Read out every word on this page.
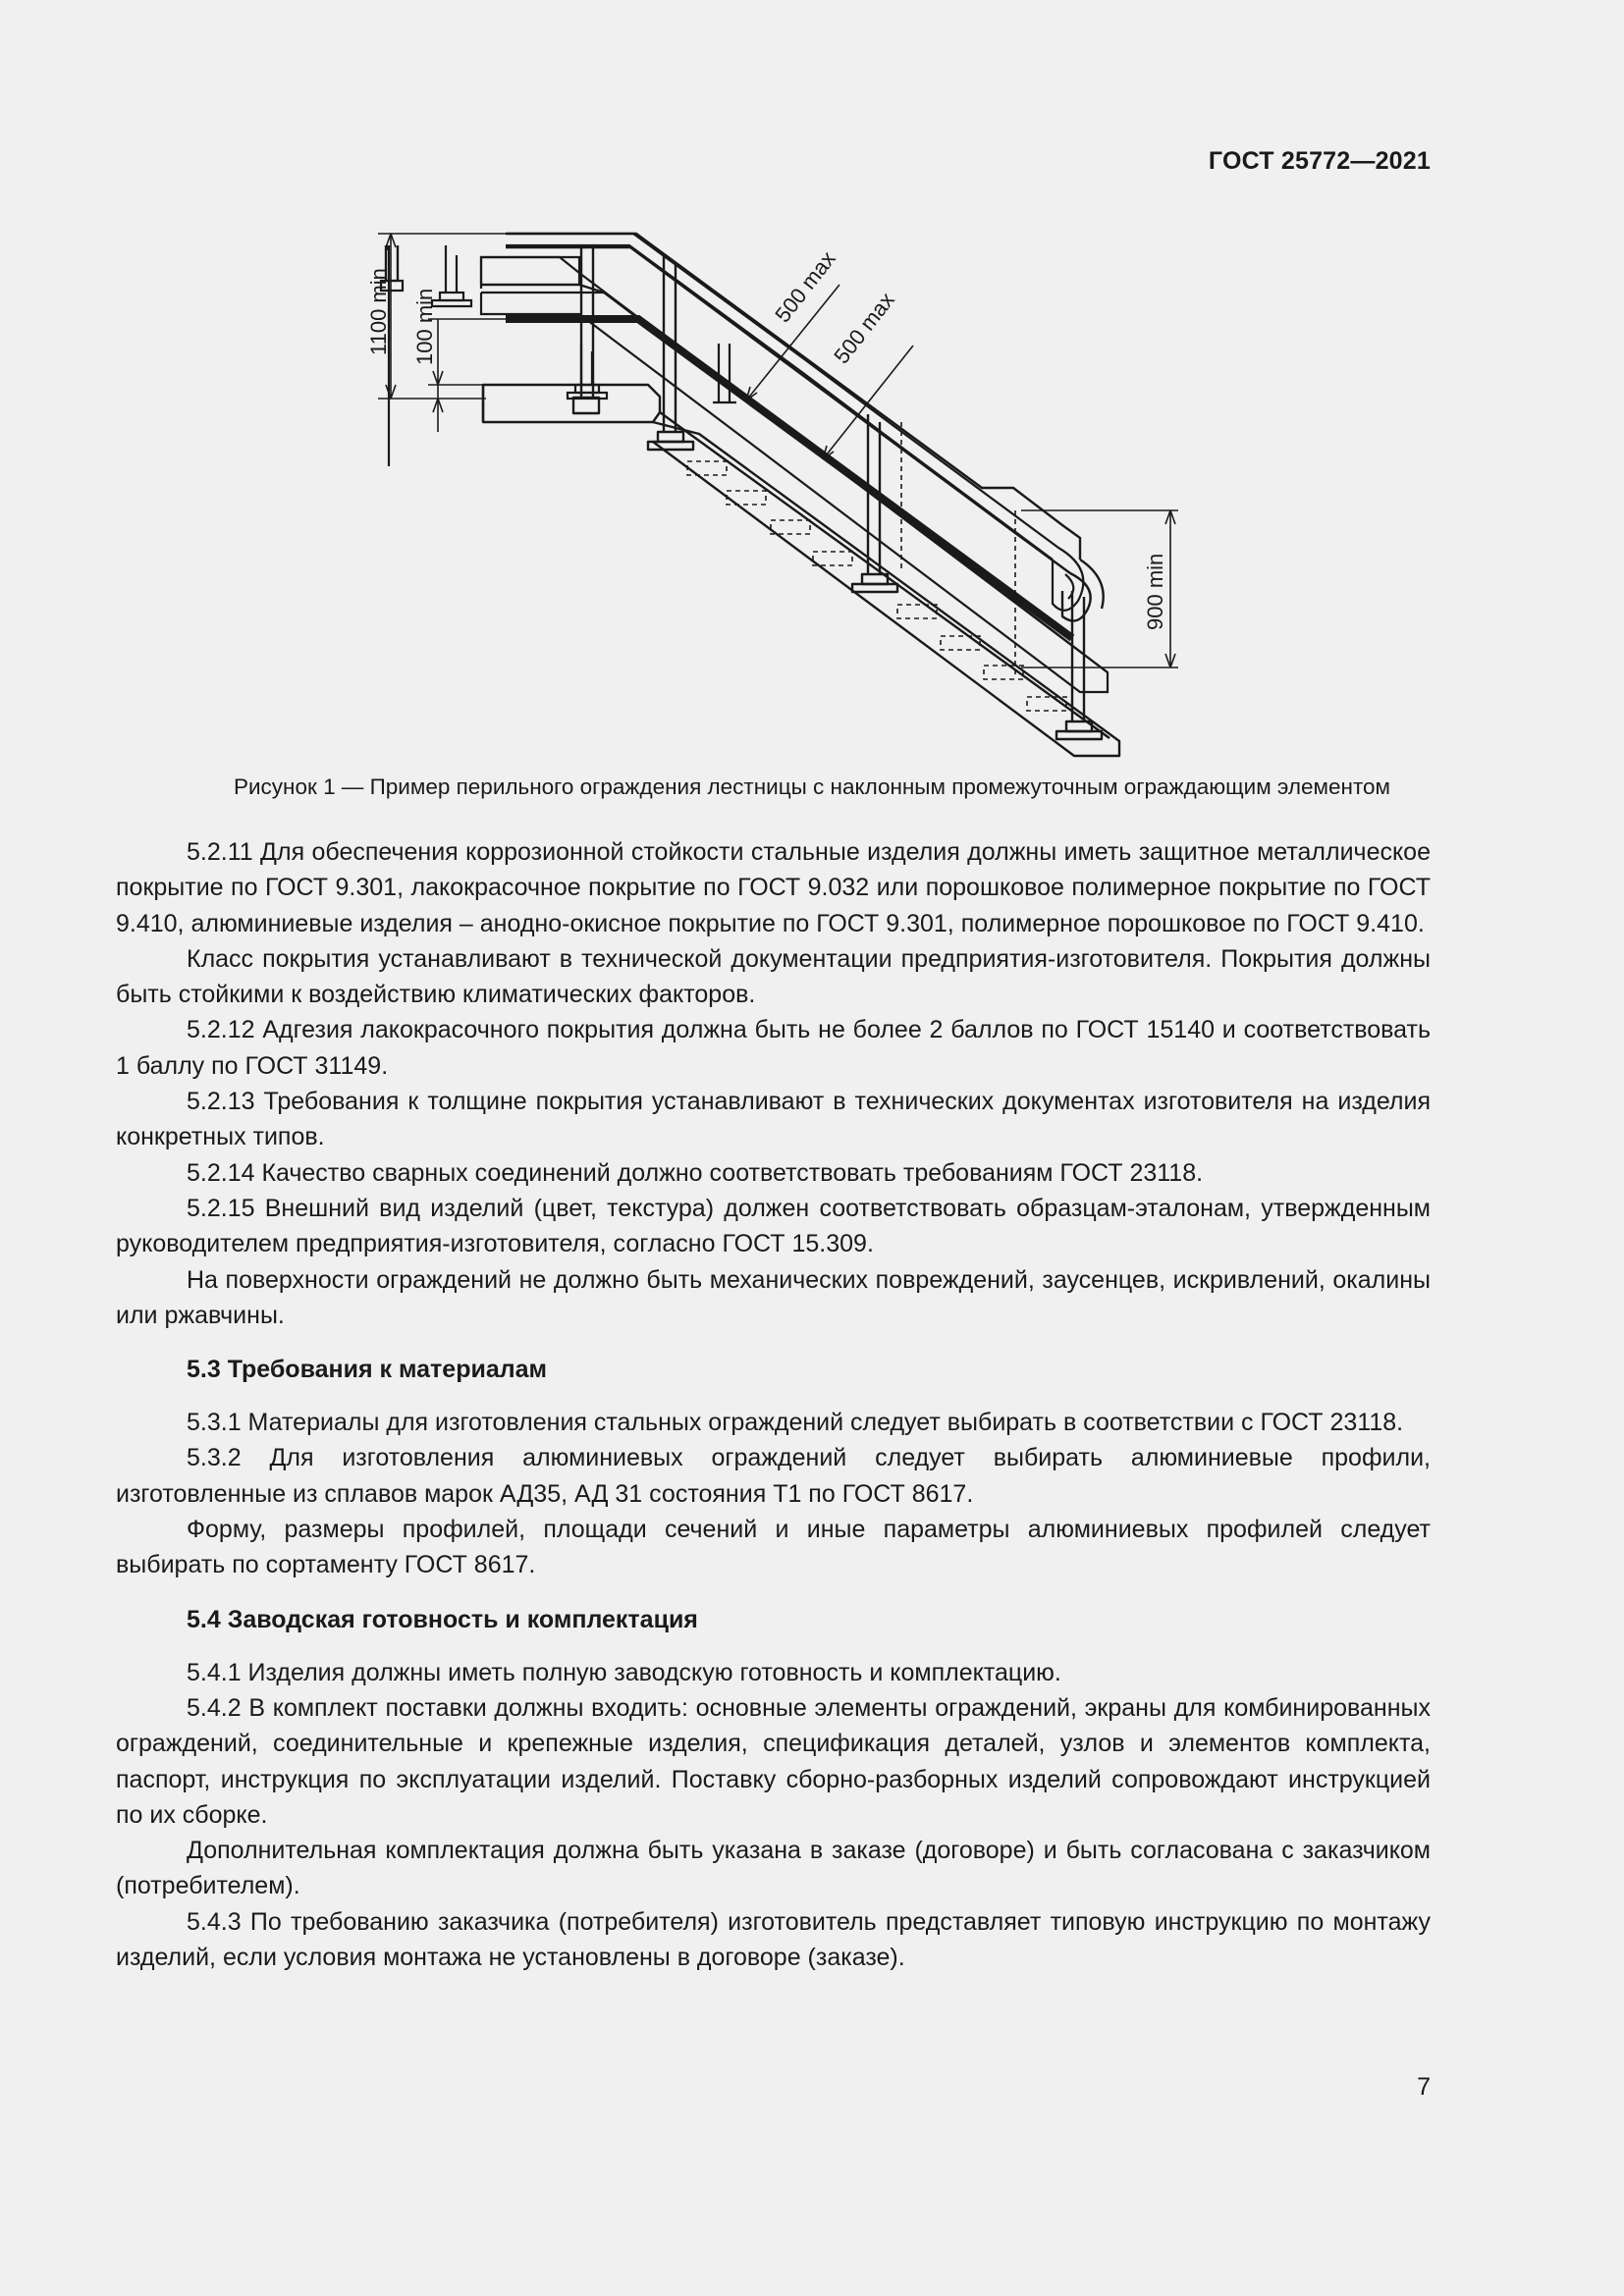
ГОСТ 25772—2021
1100 min 100 min	500 max
500 max
900 min
Рисунок 1 — Пример перильного ограждения лестницы с наклонным промежуточным ограждающим элементом

5.2.11 Для обеспечения коррозионной стойкости стальные изделия должны иметь защитное металлическое покрытие по ГОСТ 9.301, лакокрасочное покрытие по ГОСТ 9.032 или порошковое полимерное покрытие по ГОСТ 9.410, алюминиевые изделия – анодно-окисное покрытие по ГОСТ 9.301, полимерное порошковое по ГОСТ 9.410.

Класс покрытия устанавливают в технической документации предприятия-изготовителя. Покрытия должны быть стойкими к воздействию климатических факторов.

5.2.12 Адгезия лакокрасочного покрытия должна быть не более 2 баллов по ГОСТ 15140 и соответствовать 1 баллу по ГОСТ 31149.

5.2.13 Требования к толщине покрытия устанавливают в технических документах изготовителя на изделия конкретных типов.

5.2.14 Качество сварных соединений должно соответствовать требованиям ГОСТ 23118.

5.2.15 Внешний вид изделий (цвет, текстура) должен соответствовать образцам-эталонам, утвержденным руководителем предприятия-изготовителя, согласно ГОСТ 15.309.

На поверхности ограждений не должно быть механических повреждений, заусенцев, искривлений, окалины или ржавчины.

5.3 Требования к материалам

5.3.1 Материалы для изготовления стальных ограждений следует выбирать в соответствии с ГОСТ 23118.

5.3.2 Для изготовления алюминиевых ограждений следует выбирать алюминиевые профили, изготовленные из сплавов марок АД35, АД 31 состояния Т1 по ГОСТ 8617.

Форму, размеры профилей, площади сечений и иные параметры алюминиевых профилей следует выбирать по сортаменту ГОСТ 8617.

5.4 Заводская готовность и комплектация

5.4.1 Изделия должны иметь полную заводскую готовность и комплектацию.

5.4.2 В комплект поставки должны входить: основные элементы ограждений, экраны для комбинированных ограждений, соединительные и крепежные изделия, спецификация деталей, узлов и элементов комплекта, паспорт, инструкция по эксплуатации изделий. Поставку сборно-разборных изделий сопровождают инструкцией по их сборке.

Дополнительная комплектация должна быть указана в заказе (договоре) и быть согласована с заказчиком (потребителем).

5.4.3 По требованию заказчика (потребителя) изготовитель представляет типовую инструкцию по монтажу изделий, если условия монтажа не установлены в договоре (заказе).

7
